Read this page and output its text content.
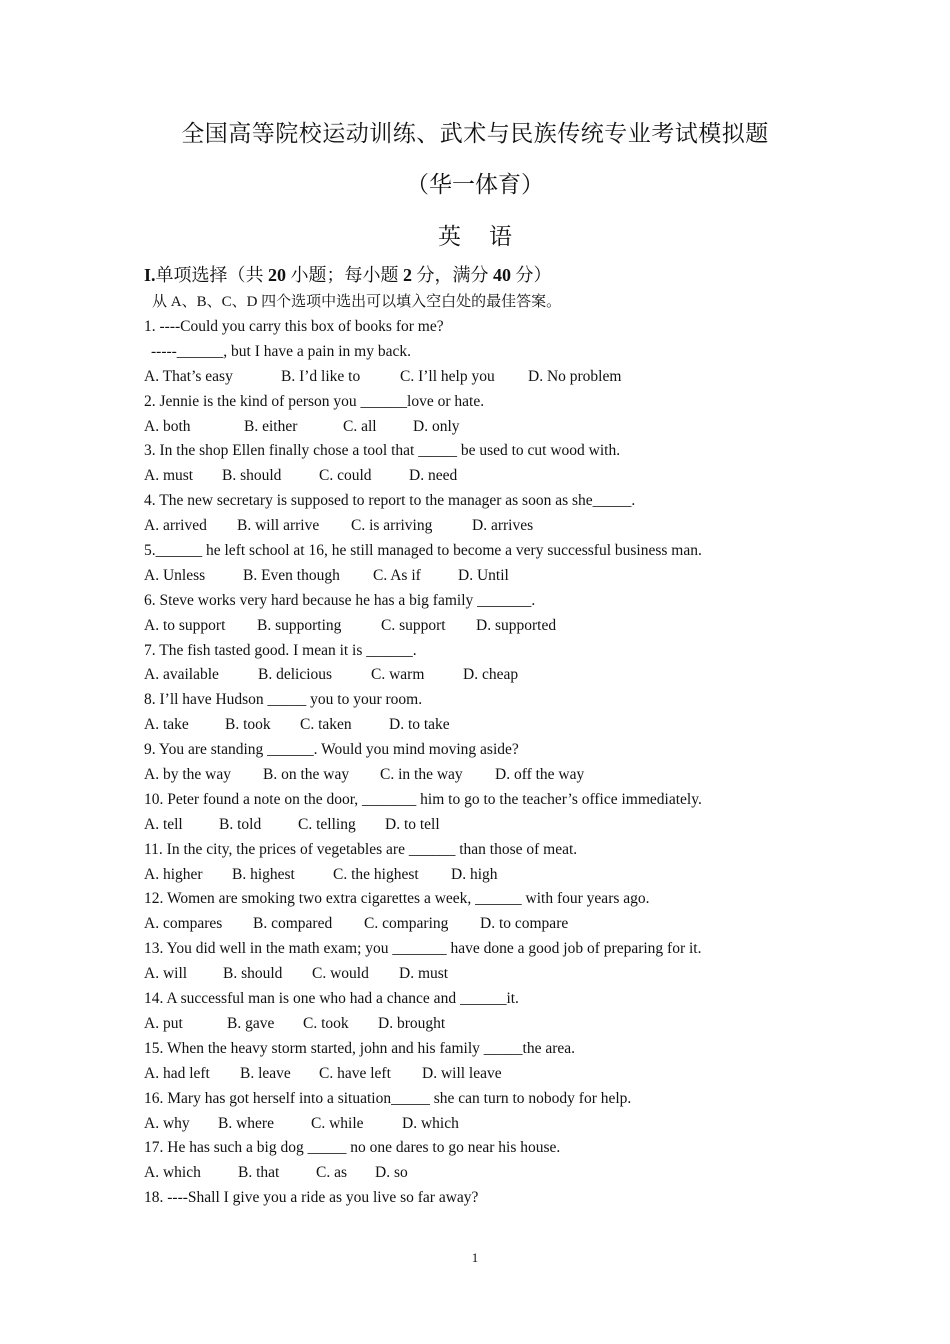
全国高等院校运动训练、武术与民族传统专业考试模拟题
（华一体育）
英语
I.单项选择（共 20 小题；每小题 2 分，满分 40 分）
从 A、B、C、D 四个选项中选出可以填入空白处的最佳答案。
1. ----Could you carry this box of books for me?
-----______, but I have a pain in my back.
A. That’s easy	B. I’d like to	C. I’ll help you D. No problem
2. Jennie is the kind of person you ______love or hate.
A. both	B. either	C. all D. only
3. In the shop Ellen finally chose a tool that _____ be used to cut wood with.
A. must B. should C. could D. need
4. The new secretary is supposed to report to the manager as soon as she_____.
A. arrived B. will arrive C. is arriving	D. arrives
5.______ he left school at 16, he still managed to become a very successful business man.
A. Unless B. Even though C. As if D. Until
6. Steve works very hard because he has a big family _______.
A. to support B. supporting	C. support D. supported
7. The fish tasted good. I mean it is ______.
A. available	B. delicious	C. warm D. cheap
8. I’ll have Hudson _____ you to your room.
A. take B. took C. taken D. to take
9. You are standing ______. Would you mind moving aside?
A. by the way B. on the way C. in the way D. off the way
10. Peter found a note on the door, _______ him to go to the teacher’s office immediately.
A. tell B. told C. telling D. to tell
11. In the city, the prices of vegetables are ______ than those of meat.
A. higher B. highest C. the highest D. high
12. Women are smoking two extra cigarettes a week, ______ with four years ago.
A. compares B. compared C. comparing D. to compare
13. You did well in the math exam; you _______ have done a good job of preparing for it.
A. will B. should C. would D. must
14. A successful man is one who had a chance and ______it.
A. put	B. gave C. took D. brought
15. When the heavy storm started, john and his family _____the area.
A. had left B. leave C. have left D. will leave
16. Mary has got herself into a situation_____ she can turn to nobody for help.
A. why B. where C. while D. which
17. He has such a big dog _____ no one dares to go near his house.
A. which B. that C. as D. so
18. ----Shall I give you a ride as you live so far away?
1
